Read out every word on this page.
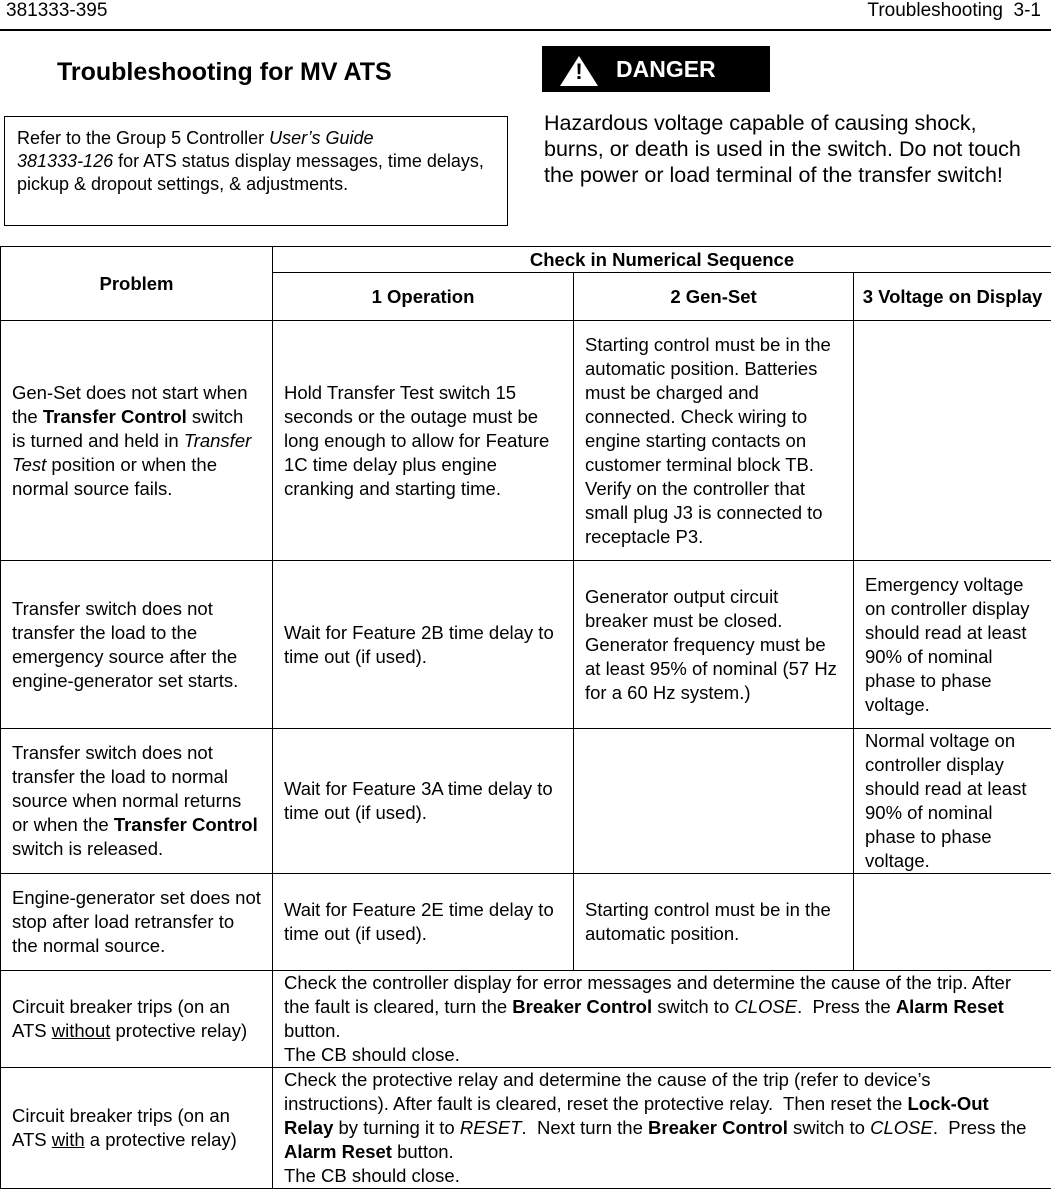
381333-395	Troubleshooting  3-1
Troubleshooting for MV ATS
Refer to the Group 5 Controller User’s Guide
381333-126 for ATS status display messages, time delays, pickup & dropout settings, & adjustments.
! DANGER
Hazardous voltage capable of causing shock, burns, or death is used in the switch. Do not touch the power or load terminal of the transfer switch!
Problem	Check in Numerical Sequence		
	1 Operation	2 Gen-Set	3 Voltage on Display
Gen-Set does not start when the Transfer Control switch is turned and held in Transfer Test position or when the normal source fails.	Hold Transfer Test switch 15 seconds or the outage must be long enough to allow for Feature 1C time delay plus engine cranking and starting time.	Starting control must be in the automatic position. Batteries must be charged and connected. Check wiring to engine starting contacts on customer terminal block TB. Verify on the controller that small plug J3 is connected to receptacle P3.	
Transfer switch does not transfer the load to the emergency source after the engine-generator set starts.	Wait for Feature 2B time delay to time out (if used).	Generator output circuit breaker must be closed. Generator frequency must be at least 95% of nominal (57 Hz for a 60 Hz system.)	Emergency voltage on controller display should read at least 90% of nominal phase to phase voltage.
Transfer switch does not transfer the load to normal source when normal returns or when the Transfer Control switch is released.	Wait for Feature 3A time delay to time out (if used).		Normal voltage on controller display should read at least 90% of nominal phase to phase voltage.
Engine-generator set does not stop after load retransfer to the normal source.	Wait for Feature 2E time delay to time out (if used).	Starting control must be in the automatic position.	
Circuit breaker trips (on an ATS without protective relay)	Check the controller display for error messages and determine the cause of the trip. After the fault is cleared, turn the Breaker Control switch to CLOSE.  Press the Alarm Reset button.
The CB should close.		
Circuit breaker trips (on an ATS with a protective relay)	Check the protective relay and determine the cause of the trip (refer to device’s instructions). After fault is cleared, reset the protective relay.  Then reset the Lock-Out Relay by turning it to RESET.  Next turn the Breaker Control switch to CLOSE.  Press the Alarm Reset button.
The CB should close.		
